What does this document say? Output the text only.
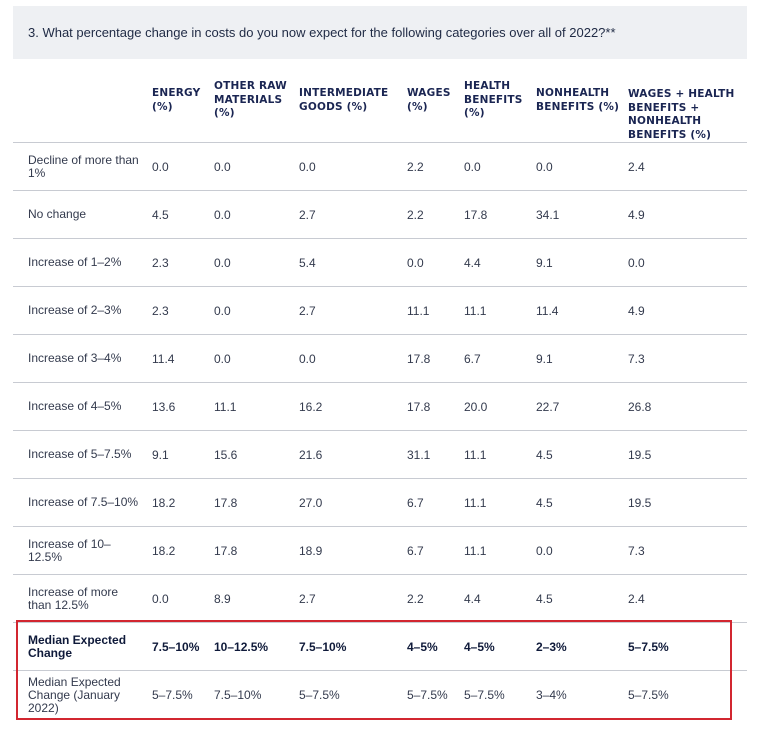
3. What percentage change in costs do you now expect for the following categories over all of 2022?**
	ENERGY (%)	OTHER RAW MATERIALS (%)	INTERMEDIATE GOODS (%)	WAGES (%)	HEALTH BENEFITS (%)	NONHEALTH BENEFITS (%)	WAGES + HEALTH BENEFITS + NONHEALTH BENEFITS (%)
Decline of more than 1%	0.0	0.0	0.0	2.2	0.0	0.0	2.4
No change	4.5	0.0	2.7	2.2	17.8	34.1	4.9
Increase of 1–2%	2.3	0.0	5.4	0.0	4.4	9.1	0.0
Increase of 2–3%	2.3	0.0	2.7	11.1	11.1	11.4	4.9
Increase of 3–4%	11.4	0.0	0.0	17.8	6.7	9.1	7.3
Increase of 4–5%	13.6	11.1	16.2	17.8	20.0	22.7	26.8
Increase of 5–7.5%	9.1	15.6	21.6	31.1	11.1	4.5	19.5
Increase of 7.5–10%	18.2	17.8	27.0	6.7	11.1	4.5	19.5
Increase of 10–12.5%	18.2	17.8	18.9	6.7	11.1	0.0	7.3
Increase of more than 12.5%	0.0	8.9	2.7	2.2	4.4	4.5	2.4
Median Expected Change	7.5–10%	10–12.5%	7.5–10%	4–5%	4–5%	2–3%	5–7.5%
Median Expected Change (January 2022)	5–7.5%	7.5–10%	5–7.5%	5–7.5%	5–7.5%	3–4%	5–7.5%
